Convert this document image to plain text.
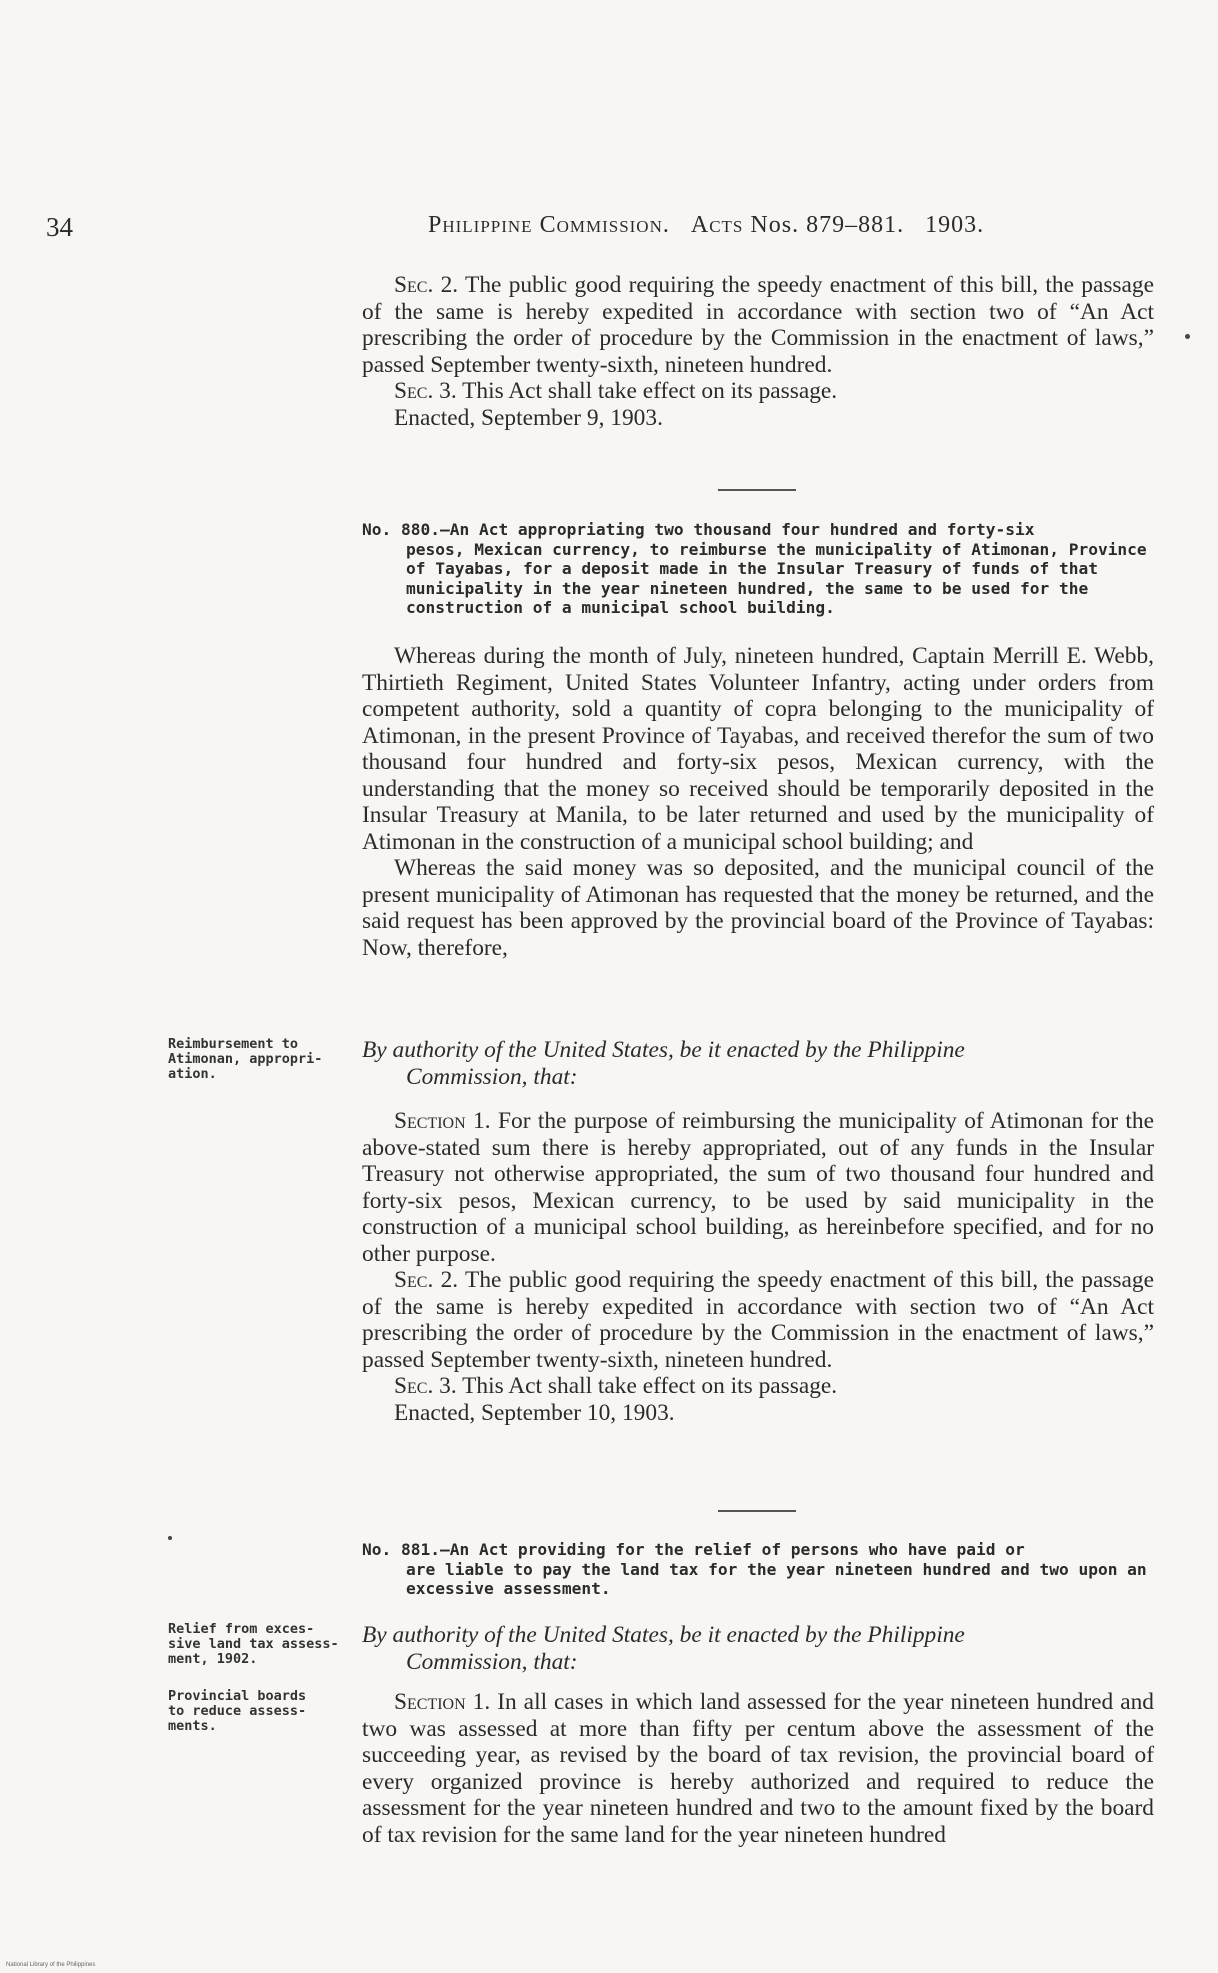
34	Philippine Commission. Acts Nos. 879–881. 1903.

Sec. 2. The public good requiring the speedy enactment of this bill, the passage of the same is hereby expedited in accordance with section two of “An Act prescribing the order of procedure by the Commission in the enactment of laws,” passed September twenty-sixth, nineteen hundred.

Sec. 3. This Act shall take effect on its passage.

Enacted, September 9, 1903.

No. 880.—An Act appropriating two thousand four hundred and forty-six
pesos, Mexican currency, to reimburse the municipality of Atimonan, Province of Tayabas, for a deposit made in the Insular Treasury of funds of that municipality in the year nineteen hundred, the same to be used for the construction of a municipal school building.

Whereas during the month of July, nineteen hundred, Captain Merrill E. Webb, Thirtieth Regiment, United States Volunteer Infantry, acting under orders from competent authority, sold a quantity of copra belonging to the municipality of Atimonan, in the present Province of Tayabas, and received therefor the sum of two thousand four hundred and forty-six pesos, Mexican currency, with the understanding that the money so received should be temporarily deposited in the Insular Treasury at Manila, to be later returned and used by the municipality of Atimonan in the construction of a municipal school building; and

Whereas the said money was so deposited, and the municipal council of the present municipality of Atimonan has requested that the money be returned, and the said request has been approved by the provincial board of the Province of Tayabas: Now, therefore,

Reimbursement to
Atimonan, appropri-
ation.
By authority of the United States, be it enacted by the Philippine
Commission, that:

Section 1. For the purpose of reimbursing the municipality of Atimonan for the above-stated sum there is hereby appropriated, out of any funds in the Insular Treasury not otherwise appropriated, the sum of two thousand four hundred and forty-six pesos, Mexican currency, to be used by said municipality in the construction of a municipal school building, as hereinbefore specified, and for no other purpose.

Sec. 2. The public good requiring the speedy enactment of this bill, the passage of the same is hereby expedited in accordance with section two of “An Act prescribing the order of procedure by the Commission in the enactment of laws,” passed September twenty-sixth, nineteen hundred.

Sec. 3. This Act shall take effect on its passage.

Enacted, September 10, 1903.

No. 881.—An Act providing for the relief of persons who have paid or
are liable to pay the land tax for the year nineteen hundred and two upon an excessive assessment.
Relief from exces-
sive land tax assess-
ment, 1902.
Provincial boards
to reduce assess-
ments.
By authority of the United States, be it enacted by the Philippine
Commission, that:

Section 1. In all cases in which land assessed for the year nineteen hundred and two was assessed at more than fifty per centum above the assessment of the succeeding year, as revised by the board of tax revision, the provincial board of every organized province is hereby authorized and required to reduce the assessment for the year nineteen hundred and two to the amount fixed by the board of tax revision for the same land for the year nineteen hundred

National Library of the Philippines
